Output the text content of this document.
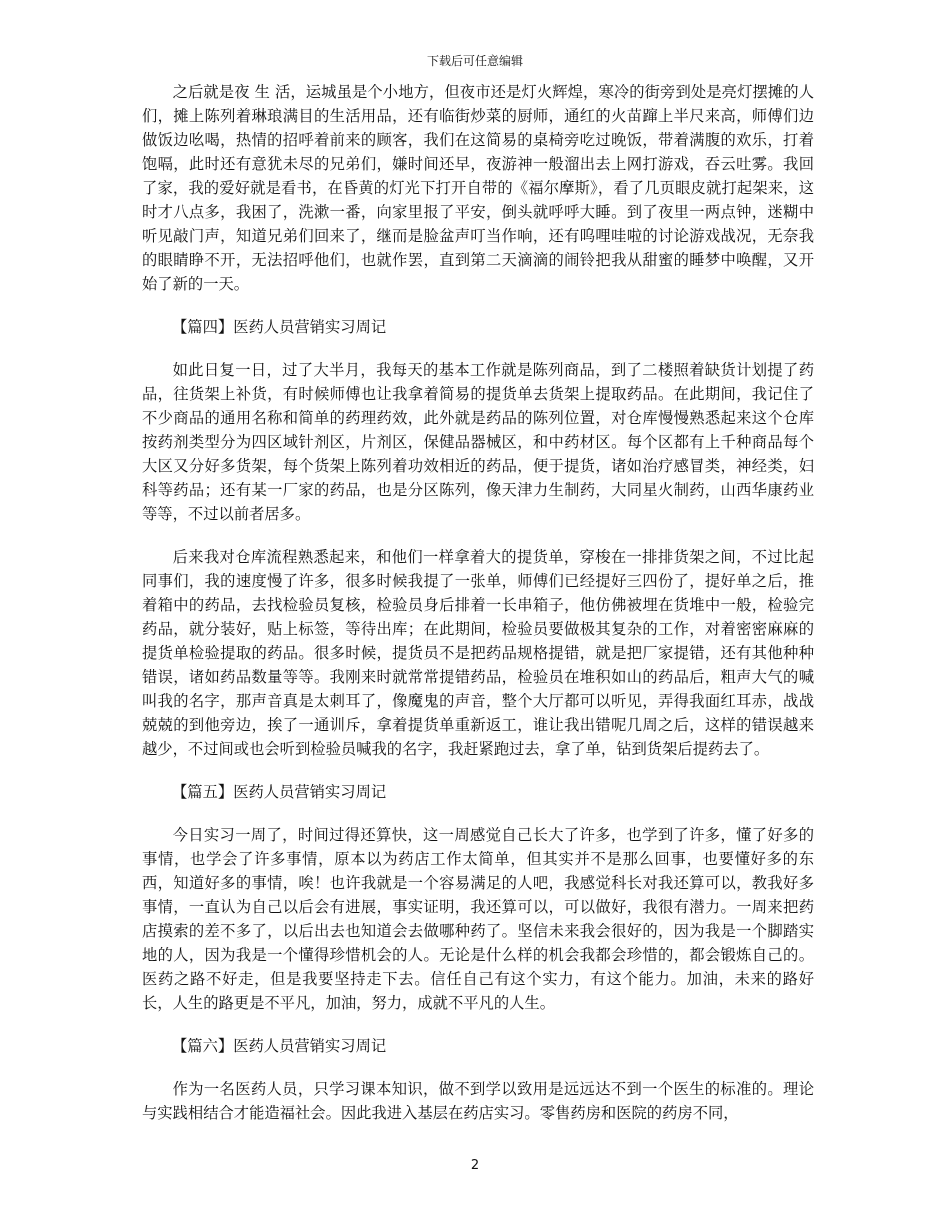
下载后可任意编辑

之后就是夜 生 活，运城虽是个小地方，但夜市还是灯火辉煌，寒冷的街旁到处是亮灯摆摊的人们，摊上陈列着琳琅满目的生活用品，还有临街炒菜的厨师，通红的火苗蹿上半尺来高，师傅们边做饭边吆喝，热情的招呼着前来的顾客，我们在这简易的桌椅旁吃过晚饭，带着满腹的欢乐，打着饱嗝，此时还有意犹未尽的兄弟们，嫌时间还早，夜游神一般溜出去上网打游戏，吞云吐雾。我回了家，我的爱好就是看书，在昏黄的灯光下打开自带的《福尔摩斯》，看了几页眼皮就打起架来，这时才八点多，我困了，洗漱一番，向家里报了平安，倒头就呼呼大睡。到了夜里一两点钟，迷糊中听见敲门声，知道兄弟们回来了，继而是脸盆声叮当作响，还有呜哩哇啦的讨论游戏战况，无奈我的眼睛睁不开，无法招呼他们，也就作罢，直到第二天滴滴的闹铃把我从甜蜜的睡梦中唤醒，又开始了新的一天。

【篇四】医药人员营销实习周记

如此日复一日，过了大半月，我每天的基本工作就是陈列商品，到了二楼照着缺货计划提了药品，往货架上补货，有时候师傅也让我拿着简易的提货单去货架上提取药品。在此期间，我记住了不少商品的通用名称和简单的药理药效，此外就是药品的陈列位置，对仓库慢慢熟悉起来这个仓库按药剂类型分为四区域针剂区，片剂区，保健品器械区，和中药材区。每个区都有上千种商品每个大区又分好多货架，每个货架上陈列着功效相近的药品，便于提货，诸如治疗感冒类，神经类，妇科等药品；还有某一厂家的药品，也是分区陈列，像天津力生制药，大同星火制药，山西华康药业等等，不过以前者居多。

后来我对仓库流程熟悉起来，和他们一样拿着大的提货单，穿梭在一排排货架之间，不过比起同事们，我的速度慢了许多，很多时候我提了一张单，师傅们已经提好三四份了，提好单之后，推着箱中的药品，去找检验员复核，检验员身后排着一长串箱子，他仿佛被埋在货堆中一般，检验完药品，就分装好，贴上标签，等待出库；在此期间，检验员要做极其复杂的工作，对着密密麻麻的提货单检验提取的药品。很多时候，提货员不是把药品规格提错，就是把厂家提错，还有其他种种错误，诸如药品数量等等。我刚来时就常常提错药品，检验员在堆积如山的药品后，粗声大气的喊叫我的名字，那声音真是太刺耳了，像魔鬼的声音，整个大厅都可以听见，弄得我面红耳赤，战战兢兢的到他旁边，挨了一通训斥，拿着提货单重新返工，谁让我出错呢几周之后，这样的错误越来越少，不过间或也会听到检验员喊我的名字，我赶紧跑过去，拿了单，钻到货架后提药去了。

【篇五】医药人员营销实习周记

今日实习一周了，时间过得还算快，这一周感觉自己长大了许多，也学到了许多，懂了好多的事情，也学会了许多事情，原本以为药店工作太简单，但其实并不是那么回事，也要懂好多的东西，知道好多的事情，唉！也许我就是一个容易满足的人吧，我感觉科长对我还算可以，教我好多事情，一直认为自己以后会有进展，事实证明，我还算可以，可以做好，我很有潜力。一周来把药店摸索的差不多了，以后出去也知道会去做哪种药了。坚信未来我会很好的，因为我是一个脚踏实地的人，因为我是一个懂得珍惜机会的人。无论是什么样的机会我都会珍惜的，都会锻炼自己的。医药之路不好走，但是我要坚持走下去。信任自己有这个实力，有这个能力。加油，未来的路好长，人生的路更是不平凡，加油，努力，成就不平凡的人生。

【篇六】医药人员营销实习周记

作为一名医药人员，只学习课本知识，做不到学以致用是远远达不到一个医生的标准的。理论与实践相结合才能造福社会。因此我进入基层在药店实习。零售药房和医院的药房不同，

2
